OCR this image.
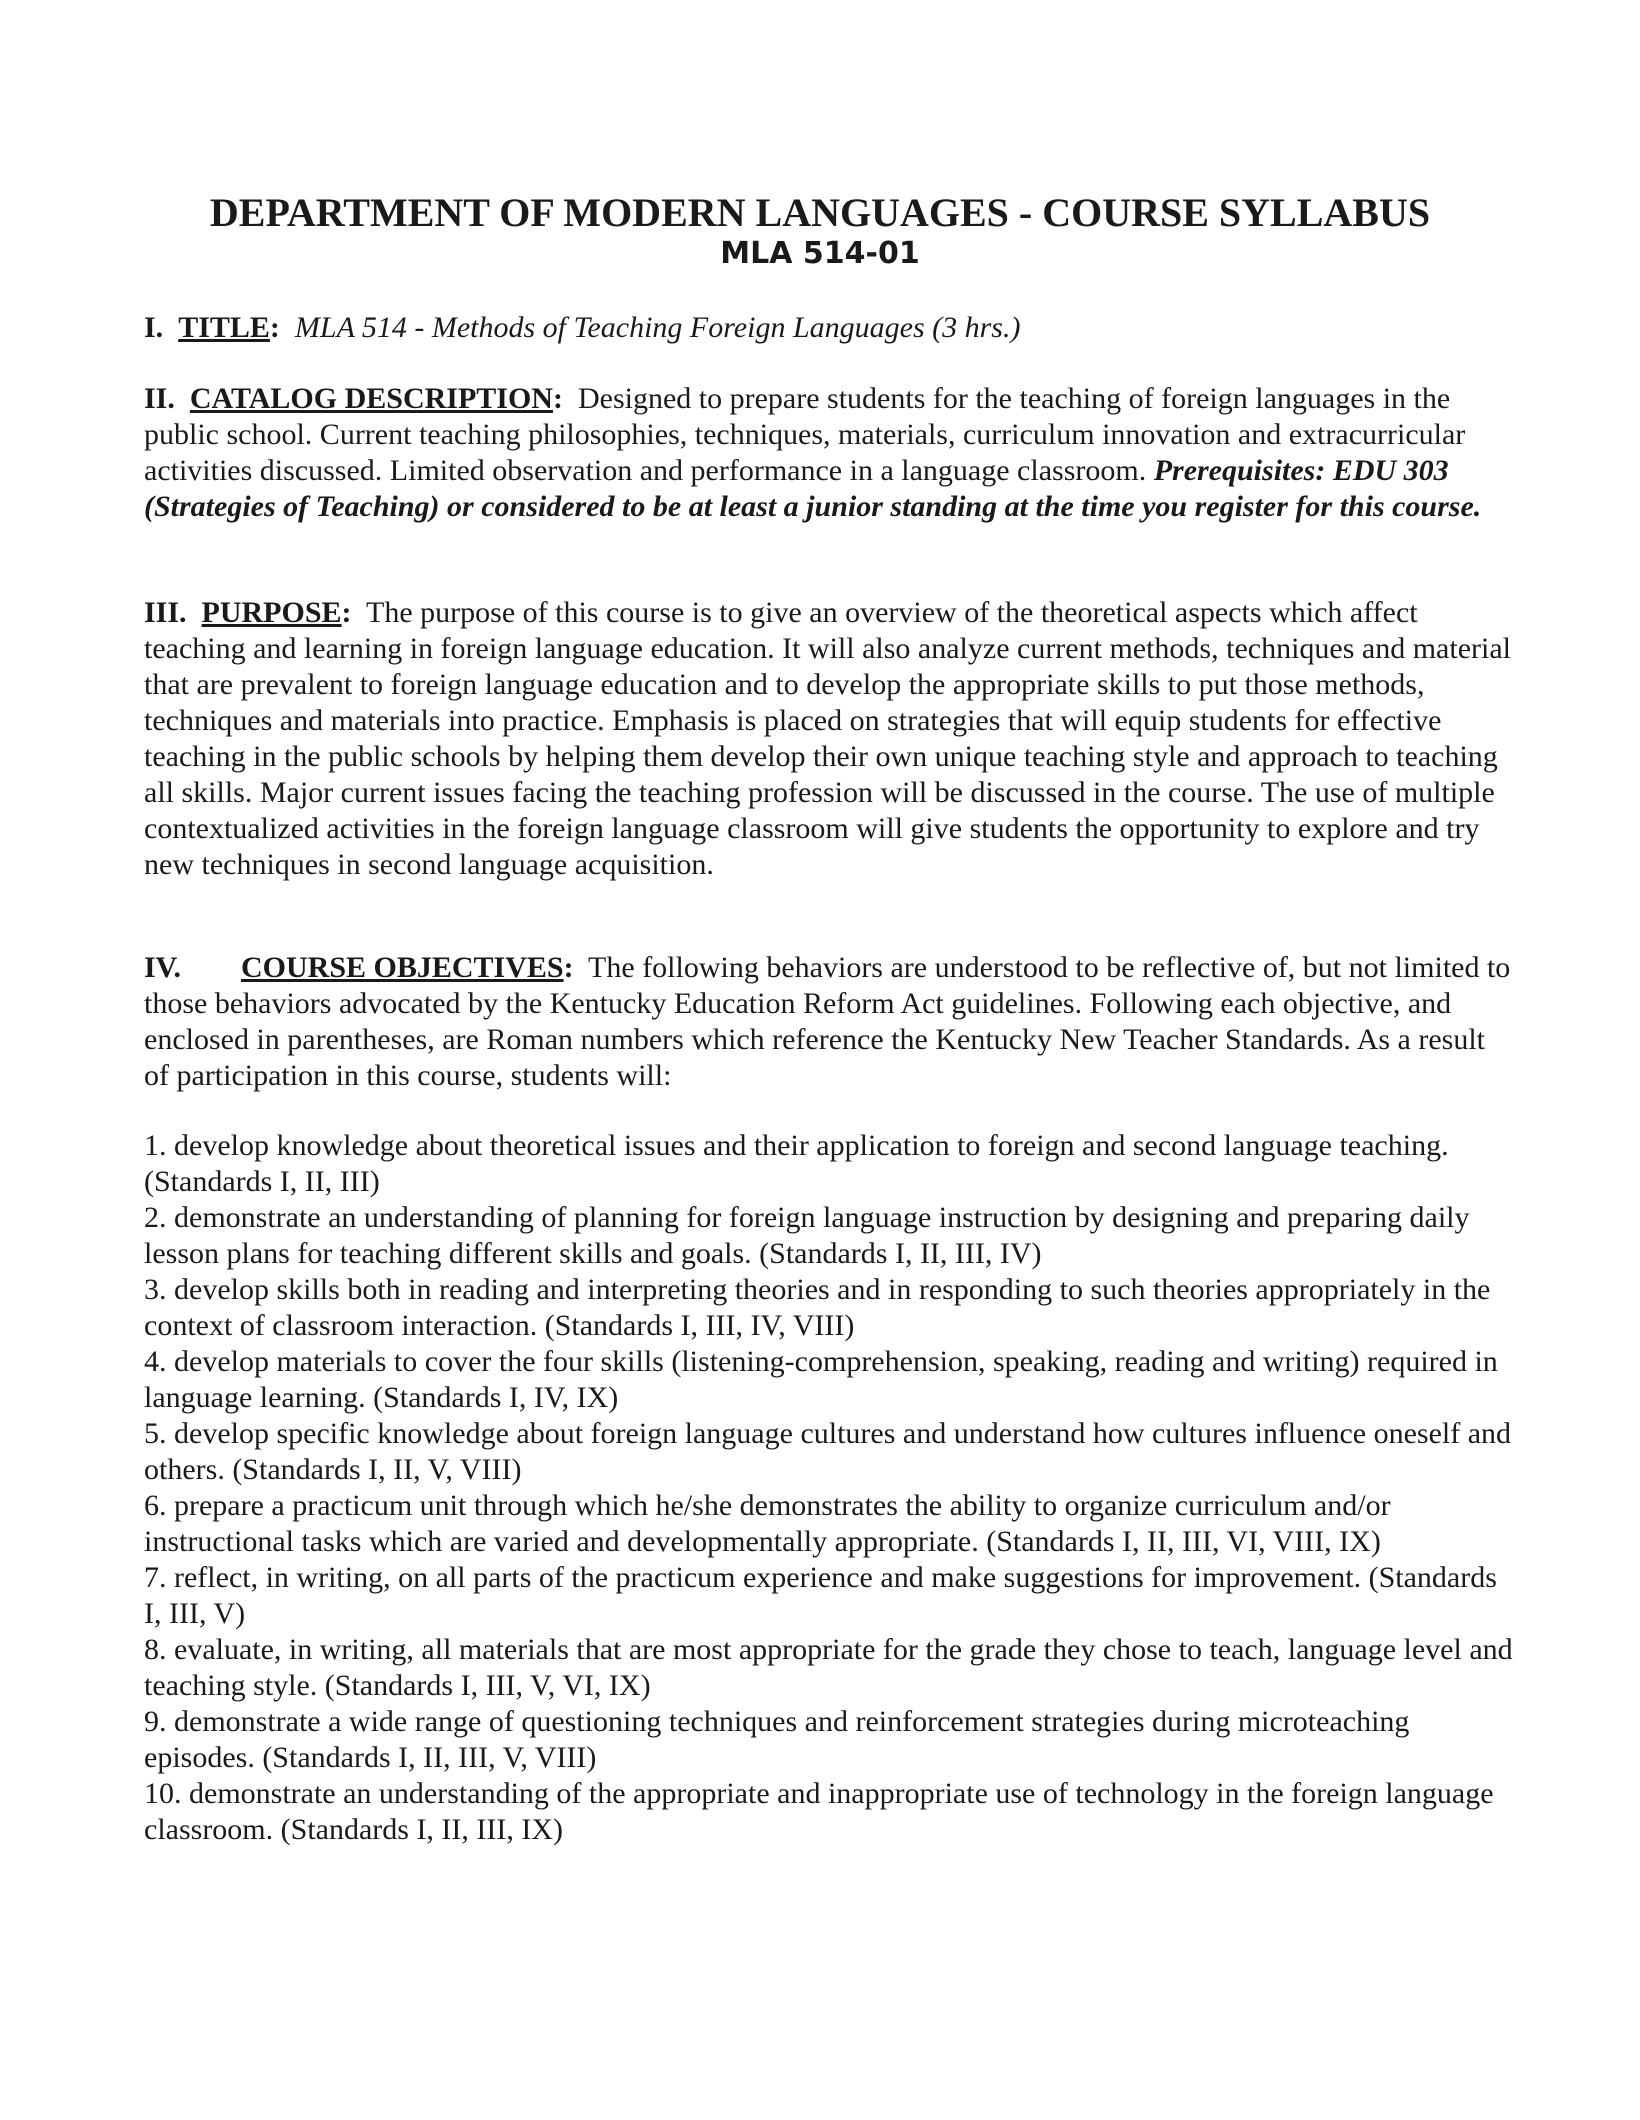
DEPARTMENT OF MODERN LANGUAGES - COURSE SYLLABUS
MLA 514-01

I. TITLE: MLA 514 - Methods of Teaching Foreign Languages (3 hrs.)

II. CATALOG DESCRIPTION: Designed to prepare students for the teaching of foreign languages in the public school. Current teaching philosophies, techniques, materials, curriculum innovation and extracurricular activities discussed. Limited observation and performance in a language classroom. Prerequisites: EDU 303 (Strategies of Teaching) or considered to be at least a junior standing at the time you register for this course.

III. PURPOSE: The purpose of this course is to give an overview of the theoretical aspects which affect teaching and learning in foreign language education. It will also analyze current methods, techniques and material that are prevalent to foreign language education and to develop the appropriate skills to put those methods, techniques and materials into practice. Emphasis is placed on strategies that will equip students for effective teaching in the public schools by helping them develop their own unique teaching style and approach to teaching all skills. Major current issues facing the teaching profession will be discussed in the course. The use of multiple contextualized activities in the foreign language classroom will give students the opportunity to explore and try new techniques in second language acquisition.

IV. COURSE OBJECTIVES: The following behaviors are understood to be reflective of, but not limited to those behaviors advocated by the Kentucky Education Reform Act guidelines. Following each objective, and enclosed in parentheses, are Roman numbers which reference the Kentucky New Teacher Standards. As a result of participation in this course, students will:

1. develop knowledge about theoretical issues and their application to foreign and second language teaching. (Standards I, II, III)
2. demonstrate an understanding of planning for foreign language instruction by designing and preparing daily lesson plans for teaching different skills and goals. (Standards I, II, III, IV)
3. develop skills both in reading and interpreting theories and in responding to such theories appropriately in the context of classroom interaction. (Standards I, III, IV, VIII)
4. develop materials to cover the four skills (listening-comprehension, speaking, reading and writing) required in language learning. (Standards I, IV, IX)
5. develop specific knowledge about foreign language cultures and understand how cultures influence oneself and others. (Standards I, II, V, VIII)
6. prepare a practicum unit through which he/she demonstrates the ability to organize curriculum and/or instructional tasks which are varied and developmentally appropriate. (Standards I, II, III, VI, VIII, IX)
7. reflect, in writing, on all parts of the practicum experience and make suggestions for improvement. (Standards I, III, V)
8. evaluate, in writing, all materials that are most appropriate for the grade they chose to teach, language level and teaching style. (Standards I, III, V, VI, IX)
9. demonstrate a wide range of questioning techniques and reinforcement strategies during microteaching episodes. (Standards I, II, III, V, VIII)
10. demonstrate an understanding of the appropriate and inappropriate use of technology in the foreign language classroom. (Standards I, II, III, IX)
